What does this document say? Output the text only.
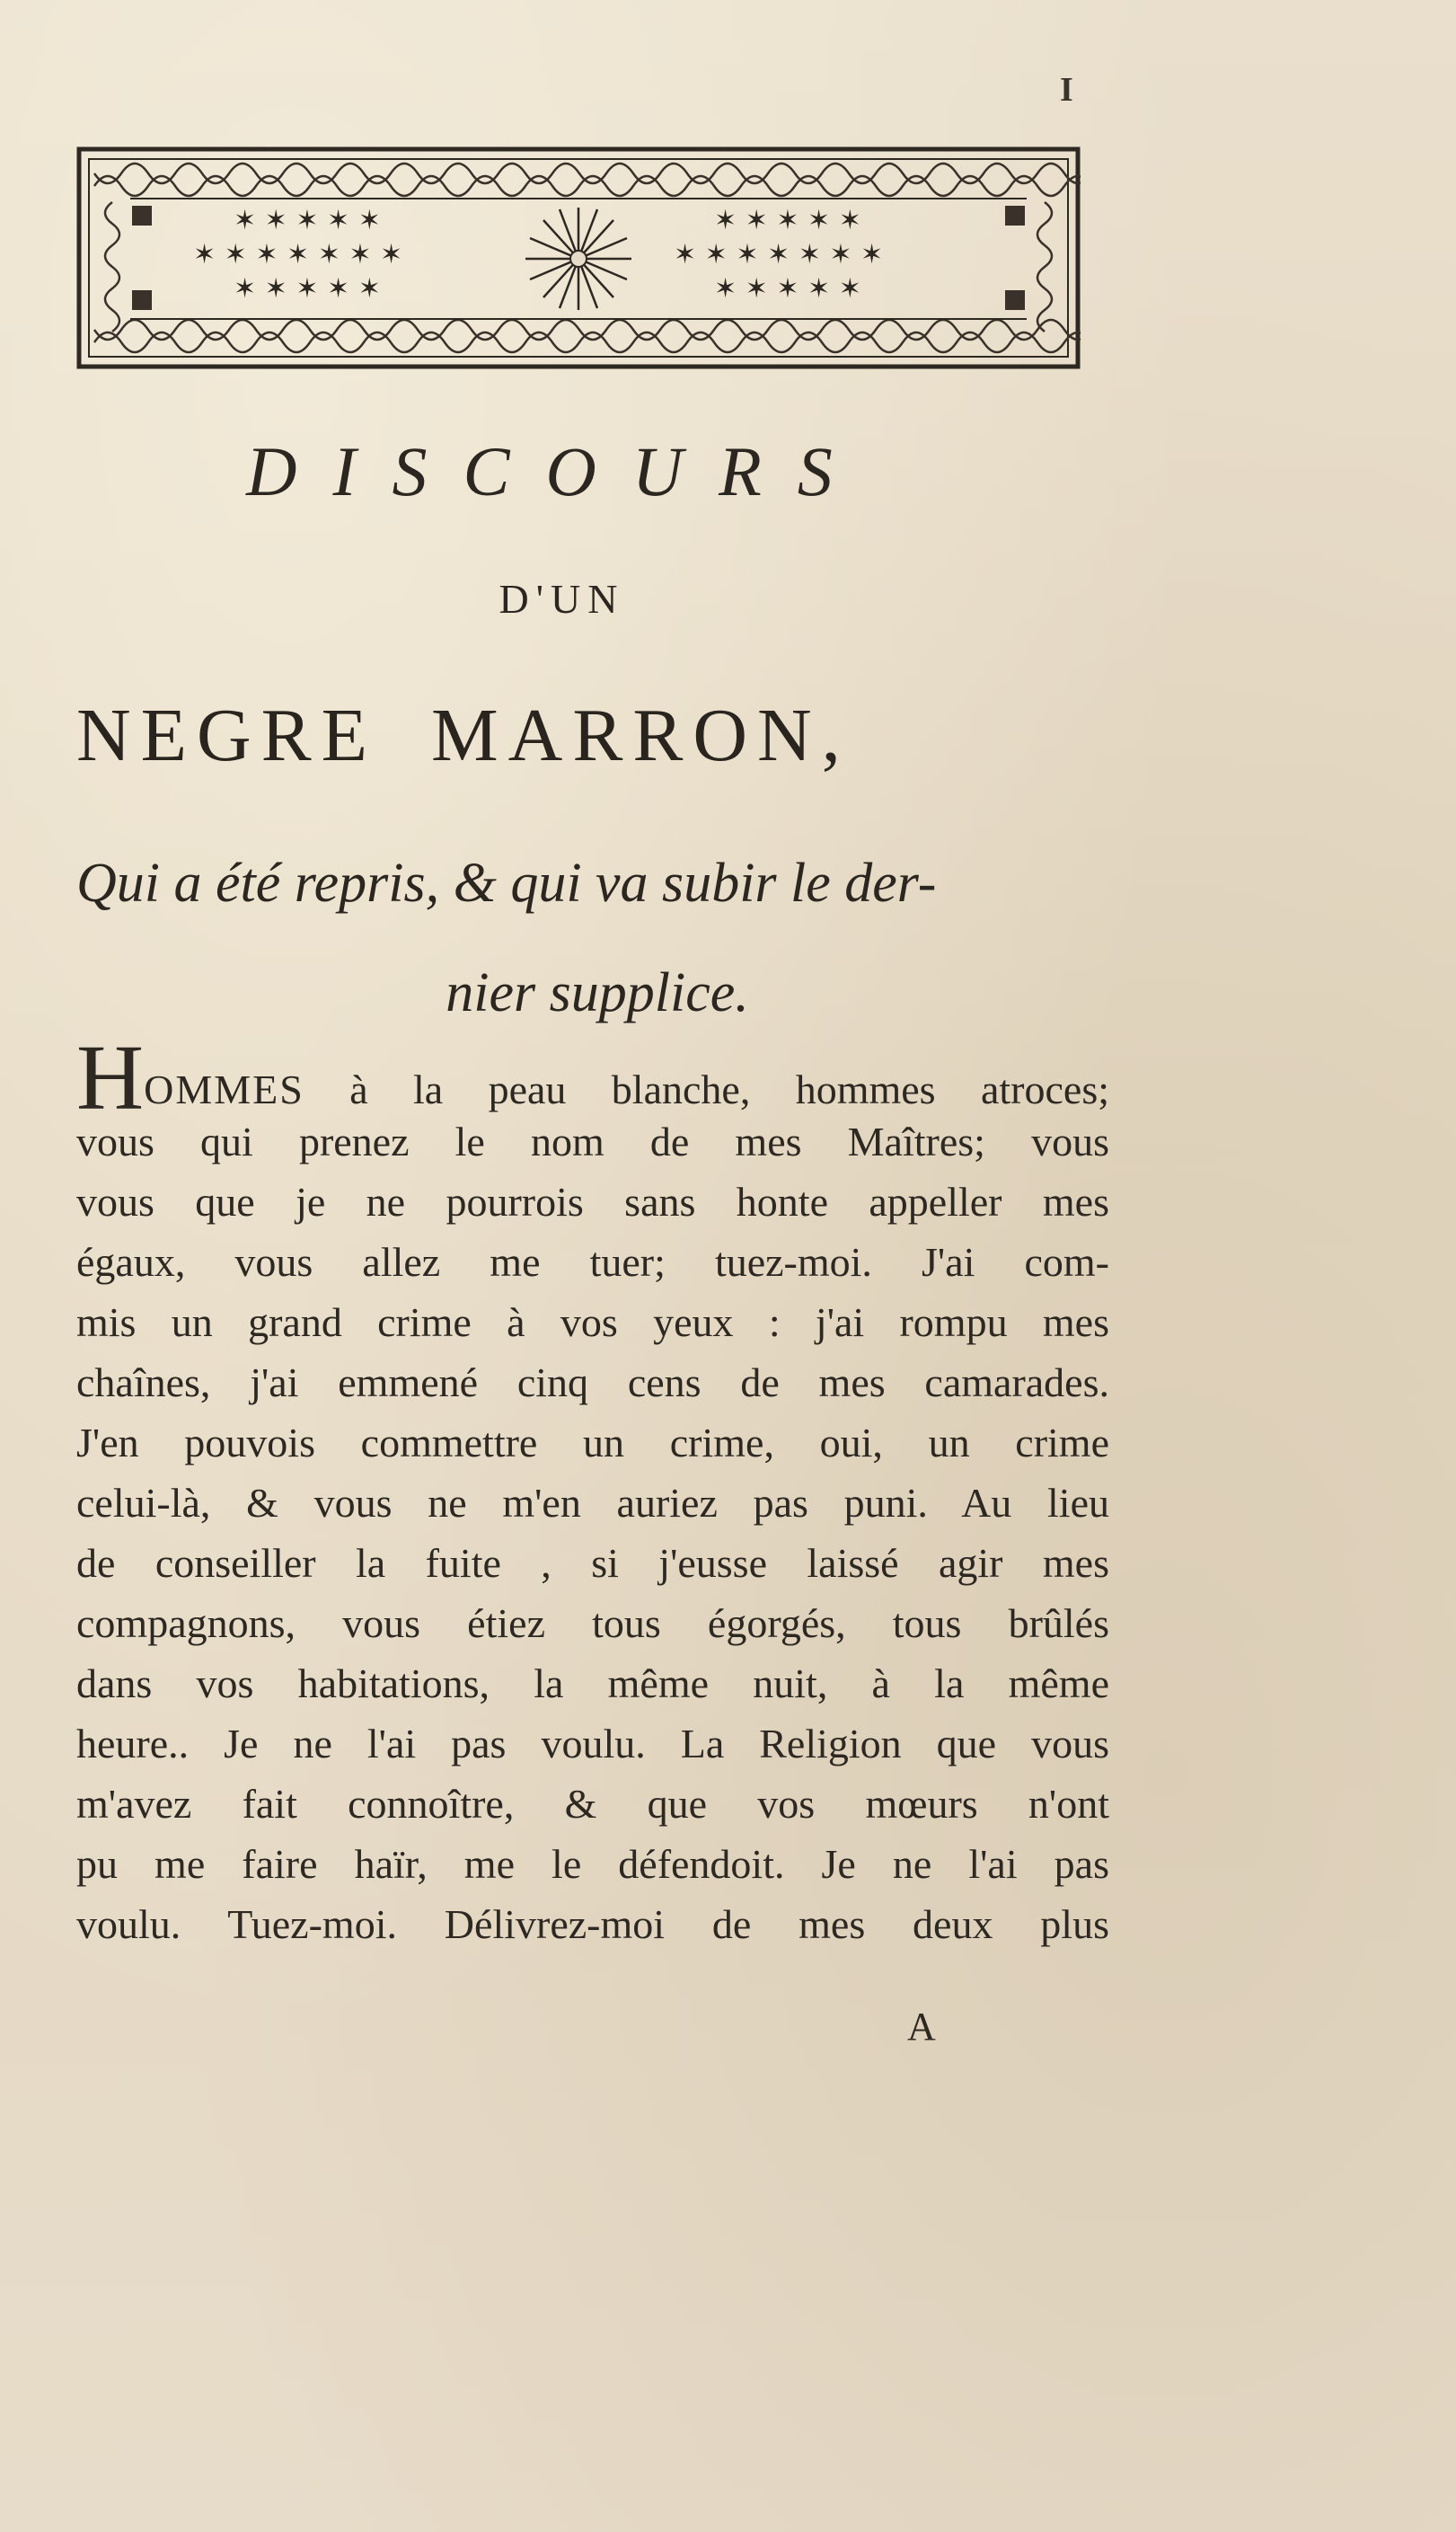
I
✶ ✶ ✶ ✶ ✶
✶ ✶ ✶ ✶ ✶ ✶ ✶
✶ ✶ ✶ ✶ ✶
✶ ✶ ✶ ✶ ✶
✶ ✶ ✶ ✶ ✶ ✶ ✶
✶ ✶ ✶ ✶ ✶
DISCOURS
D'UN
NEGRE MARRON,
Qui a été repris, & qui va subir le der-
nier supplice.
HOMMES à la peau blanche, hommes atroces;
vous qui prenez le nom de mes Maîtres; vous
vous que je ne pourrois sans honte appeller mes
égaux, vous allez me tuer; tuez-moi. J'ai com-
mis un grand crime à vos yeux : j'ai rompu mes
chaînes, j'ai emmené cinq cens de mes camarades.
J'en pouvois commettre un crime, oui, un crime
celui-là, & vous ne m'en auriez pas puni. Au lieu
de conseiller la fuite , si j'eusse laissé agir mes
compagnons, vous étiez tous égorgés, tous brûlés
dans vos habitations, la même nuit, à la même
heure.. Je ne l'ai pas voulu. La Religion que vous
m'avez fait connoître, & que vos mœurs n'ont
pu me faire haïr, me le défendoit. Je ne l'ai pas
voulu. Tuez-moi. Délivrez-moi de mes deux plus
A
